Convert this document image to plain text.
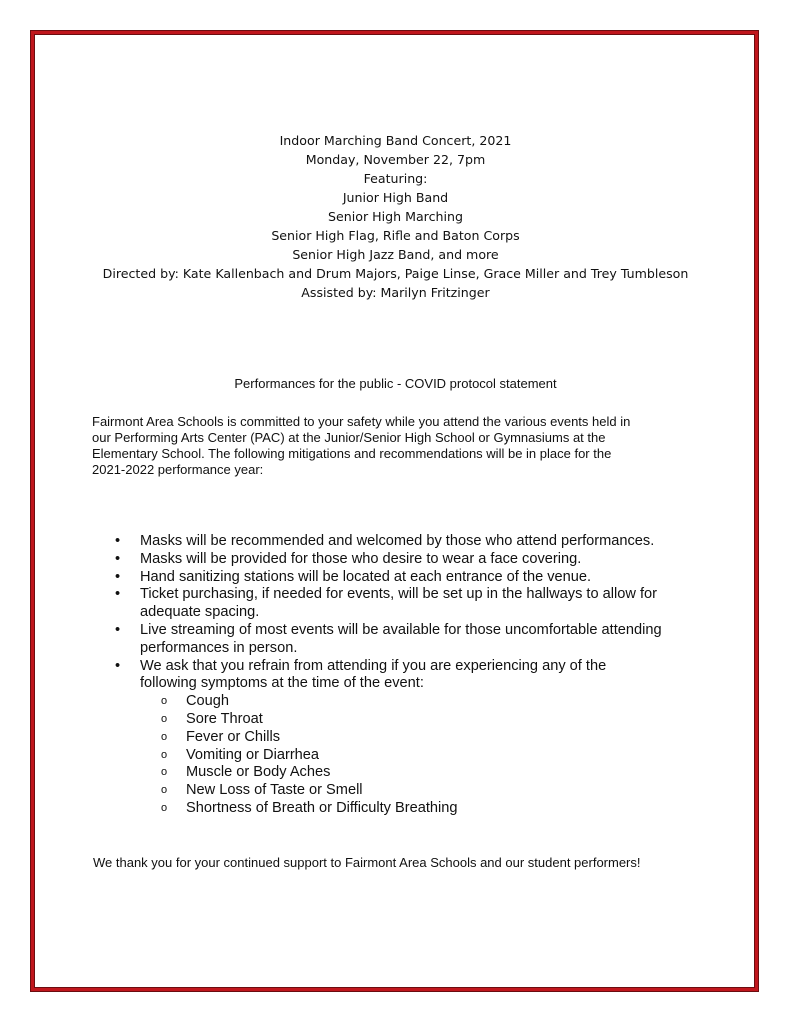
Indoor Marching Band Concert, 2021
Monday, November 22, 7pm
Featuring:
Junior High Band
Senior High Marching
Senior High Flag, Rifle and Baton Corps
Senior High Jazz Band, and more
Directed by: Kate Kallenbach and Drum Majors, Paige Linse, Grace Miller and Trey Tumbleson
Assisted by: Marilyn Fritzinger
Performances for the public - COVID protocol statement
Fairmont Area Schools is committed to your safety while you attend the various events held in
our Performing Arts Center (PAC) at the Junior/Senior High School or Gymnasiums at the
Elementary School. The following mitigations and recommendations will be in place for the
2021-2022 performance year:
• Masks will be recommended and welcomed by those who attend performances.
• Masks will be provided for those who desire to wear a face covering.
• Hand sanitizing stations will be located at each entrance of the venue.
• Ticket purchasing, if needed for events, will be set up in the hallways to allow for
adequate spacing.
• Live streaming of most events will be available for those uncomfortable attending
performances in person.
• We ask that you refrain from attending if you are experiencing any of the
following symptoms at the time of the event:
o Cough
o Sore Throat
o Fever or Chills
o Vomiting or Diarrhea
o Muscle or Body Aches
o New Loss of Taste or Smell
o Shortness of Breath or Difficulty Breathing
We thank you for your continued support to Fairmont Area Schools and our student performers!
